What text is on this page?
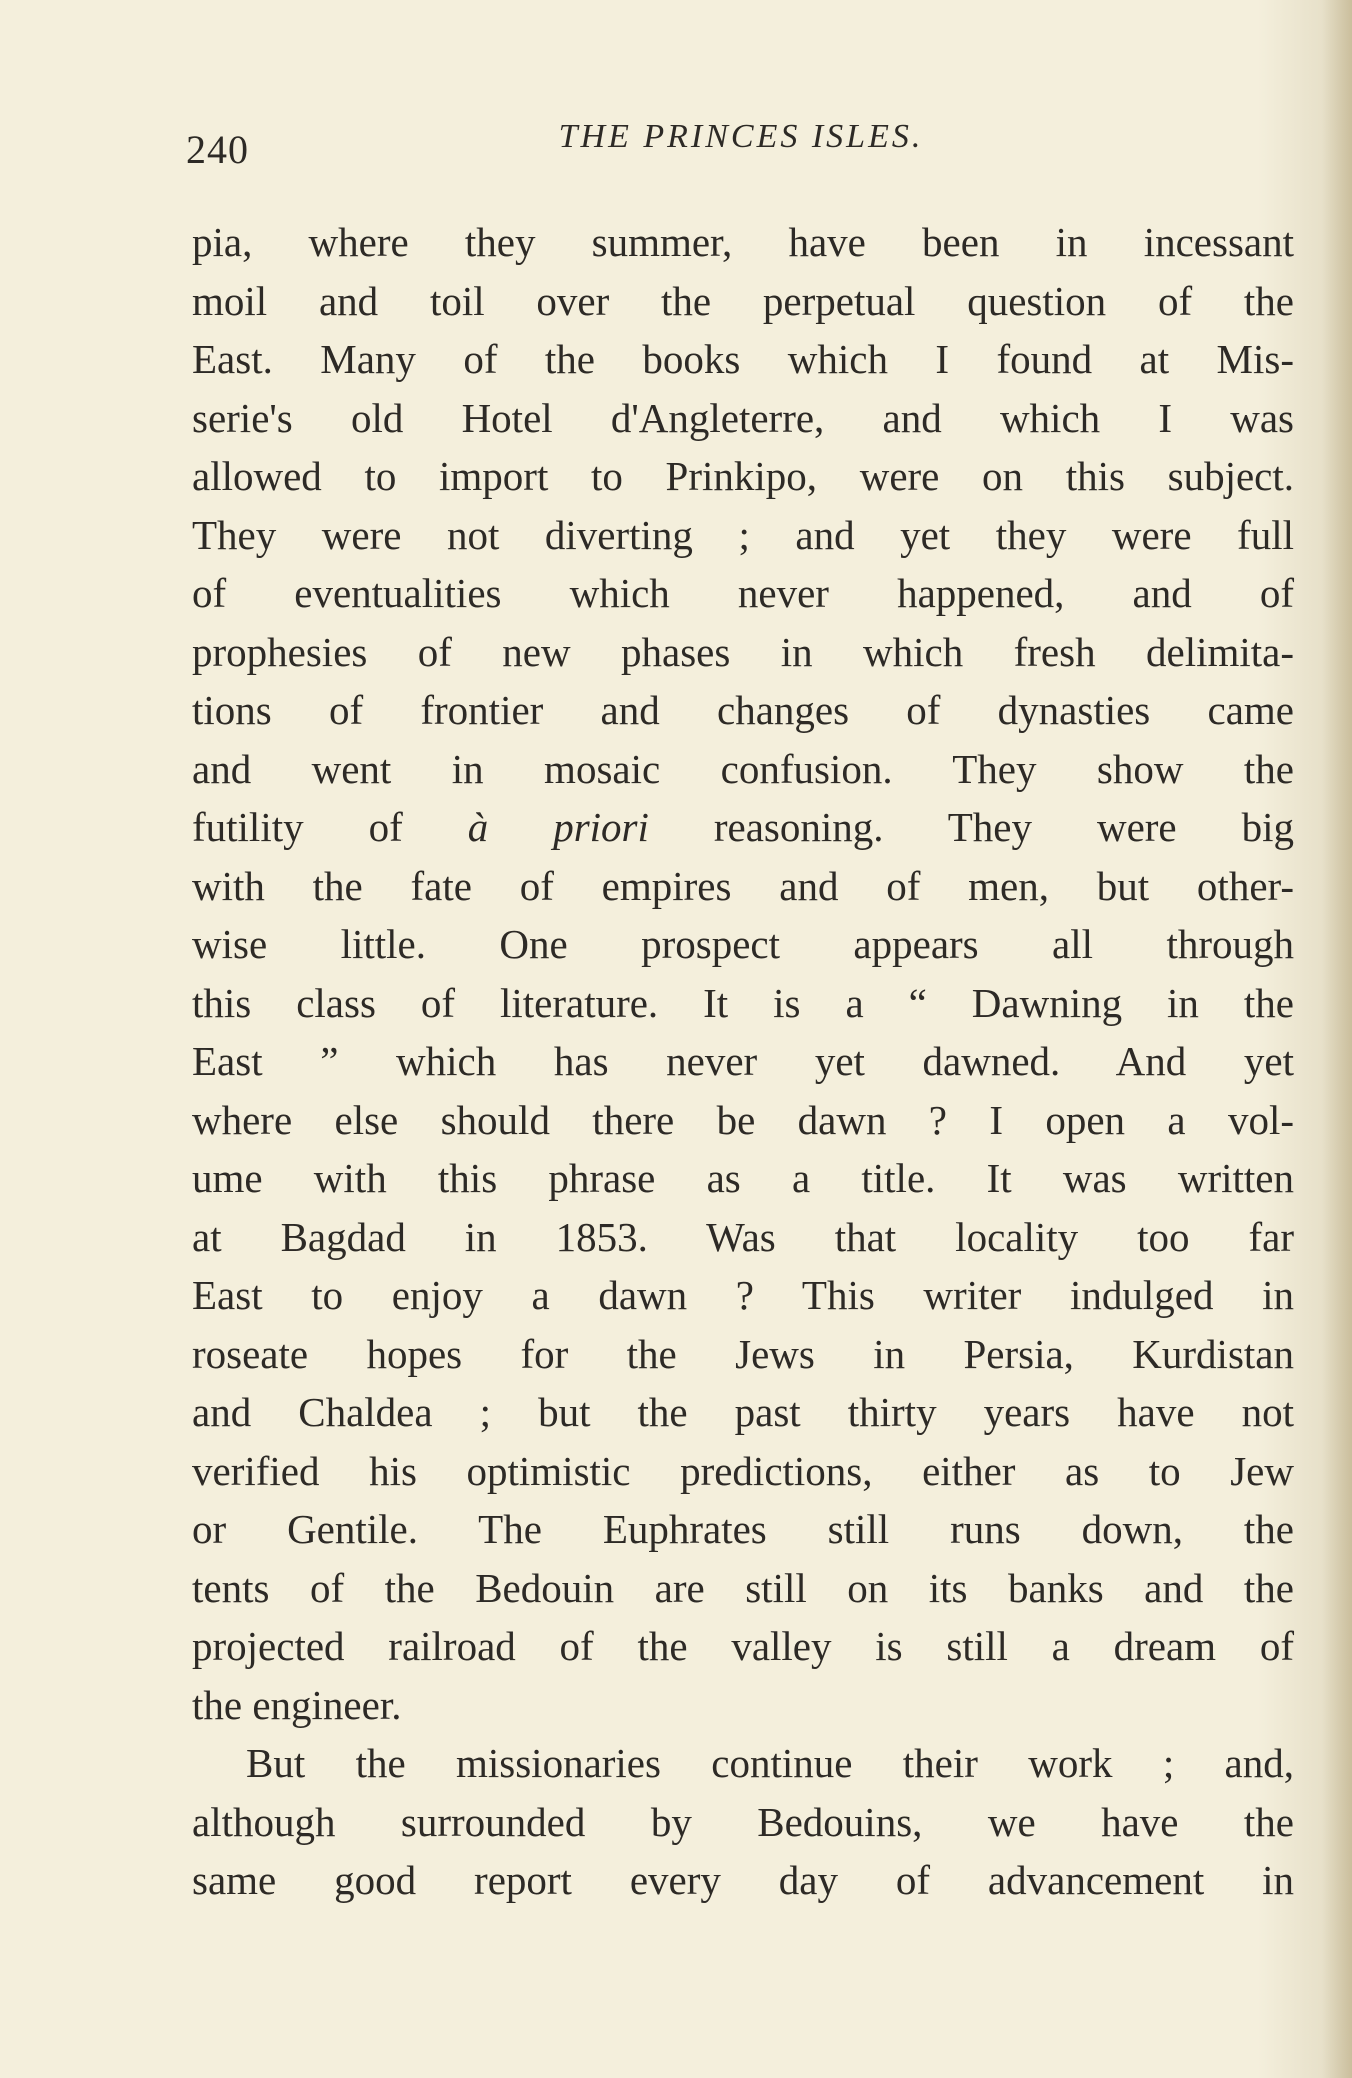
240	THE PRINCES ISLES.
pia, where they summer, have been in incessant
moil and toil over the perpetual question of the
East. Many of the books which I found at Mis-
serie's old Hotel d'Angleterre, and which I was
allowed to import to Prinkipo, were on this subject.
They were not diverting ; and yet they were full
of eventualities which never happened, and of
prophesies of new phases in which fresh delimita-
tions of frontier and changes of dynasties came
and went in mosaic confusion. They show the
futility of à priori reasoning. They were big
with the fate of empires and of men, but other-
wise little. One prospect appears all through
this class of literature. It is a “ Dawning in the
East ” which has never yet dawned. And yet
where else should there be dawn ? I open a vol-
ume with this phrase as a title. It was written
at Bagdad in 1853. Was that locality too far
East to enjoy a dawn ? This writer indulged in
roseate hopes for the Jews in Persia, Kurdistan
and Chaldea ; but the past thirty years have not
verified his optimistic predictions, either as to Jew
or Gentile. The Euphrates still runs down, the
tents of the Bedouin are still on its banks and the
projected railroad of the valley is still a dream of
the engineer.
But the missionaries continue their work ; and,
although surrounded by Bedouins, we have the
same good report every day of advancement in
